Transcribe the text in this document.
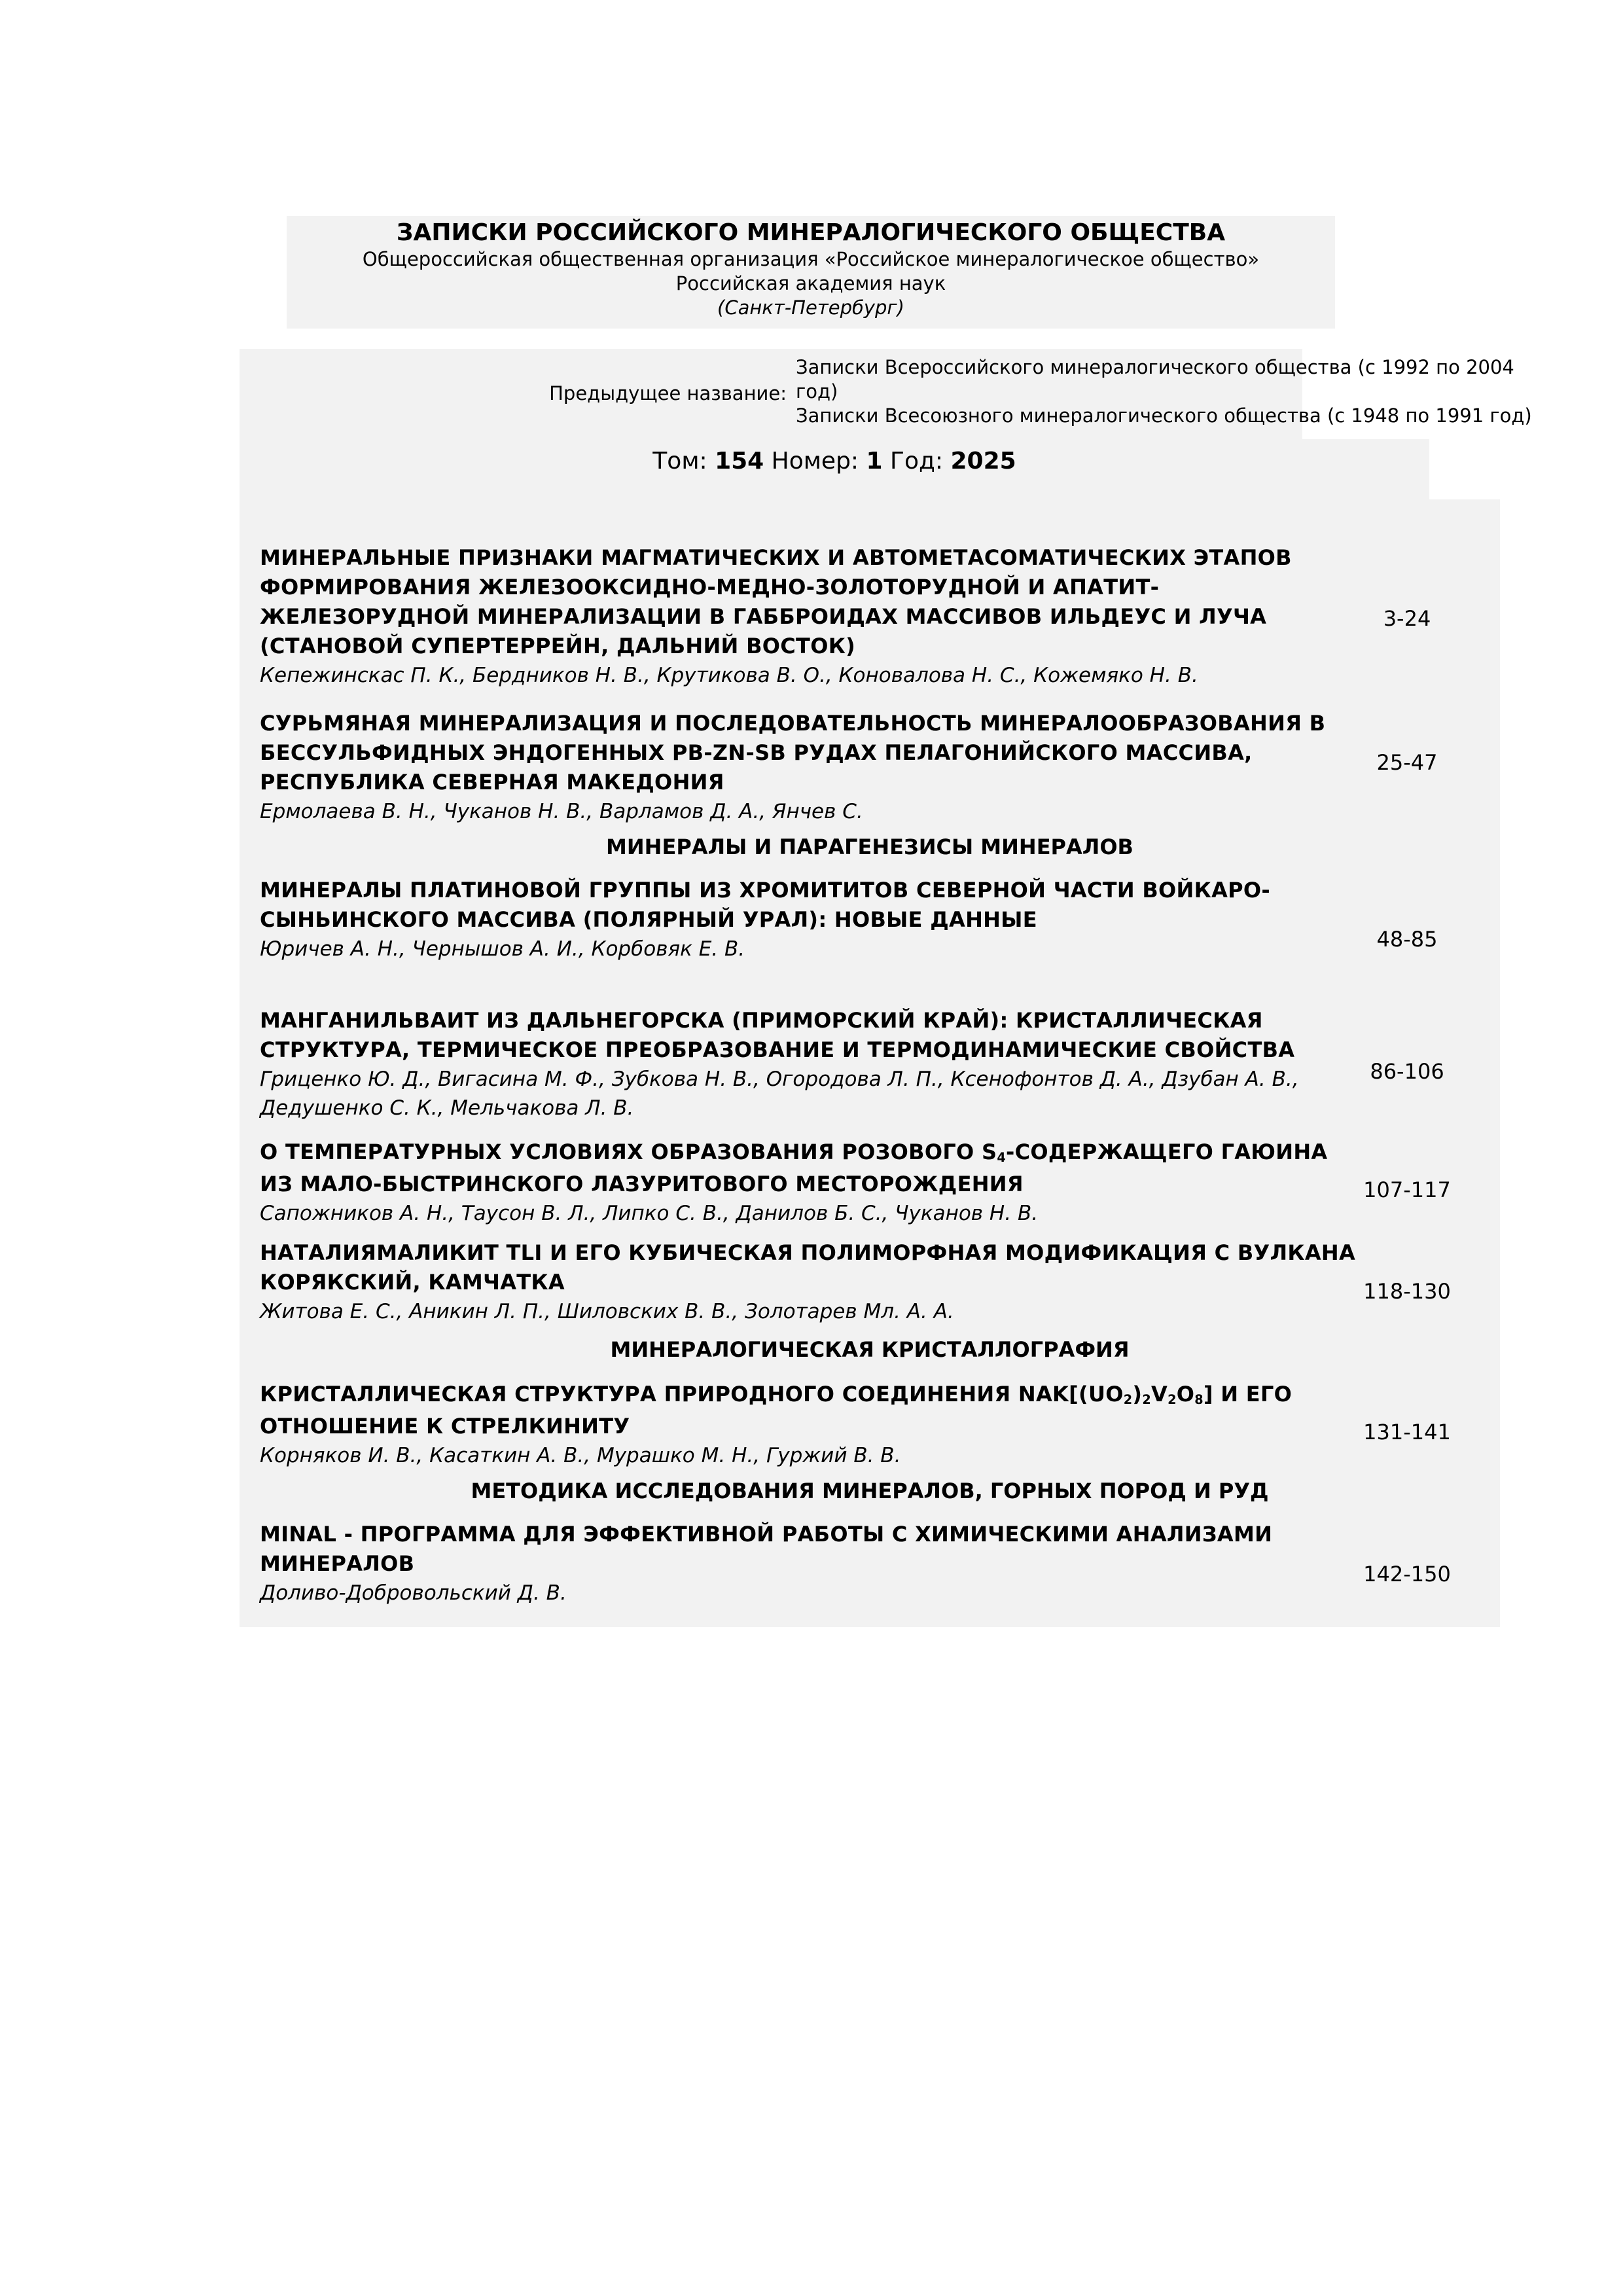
ЗАПИСКИ РОССИЙСКОГО МИНЕРАЛОГИЧЕСКОГО ОБЩЕСТВА
Общероссийская общественная организация «Российское минералогическое общество»
Российская академия наук
(Санкт-Петербург)
Предыдущее название:
Записки Всероссийского минералогического общества (с 1992 по 2004 год)
Записки Всесоюзного минералогического общества (с 1948 по 1991 год)
Том: 154 Номер: 1 Год: 2025
МИНЕРАЛЬНЫЕ ПРИЗНАКИ МАГМАТИЧЕСКИХ И АВТОМЕТАСОМАТИЧЕСКИХ ЭТАПОВ ФОРМИРОВАНИЯ ЖЕЛЕЗООКСИДНО-МЕДНО-ЗОЛОТОРУДНОЙ И АПАТИТ-ЖЕЛЕЗОРУДНОЙ МИНЕРАЛИЗАЦИИ В ГАББРОИДАХ МАССИВОВ ИЛЬДЕУС И ЛУЧА (СТАНОВОЙ СУПЕРТЕРРЕЙН, ДАЛЬНИЙ ВОСТОК)
Кепежинскас П. К., Бердников Н. В., Крутикова В. О., Коновалова Н. С., Кожемяко Н. В.
3-24
СУРЬМЯНАЯ МИНЕРАЛИЗАЦИЯ И ПОСЛЕДОВАТЕЛЬНОСТЬ МИНЕРАЛООБРАЗОВАНИЯ В БЕССУЛЬФИДНЫХ ЭНДОГЕННЫХ PB-ZN-SB РУДАХ ПЕЛАГОНИЙСКОГО МАССИВА, РЕСПУБЛИКА СЕВЕРНАЯ МАКЕДОНИЯ
Ермолаева В. Н., Чуканов Н. В., Варламов Д. А., Янчев С.
25-47
МИНЕРАЛЫ И ПАРАГЕНЕЗИСЫ МИНЕРАЛОВ
МИНЕРАЛЫ ПЛАТИНОВОЙ ГРУППЫ ИЗ ХРОМИТИТОВ СЕВЕРНОЙ ЧАСТИ ВОЙКАРО-СЫНЬИНСКОГО МАССИВА (ПОЛЯРНЫЙ УРАЛ): НОВЫЕ ДАННЫЕ
Юричев А. Н., Чернышов А. И., Корбовяк Е. В.	48-85
МАНГАНИЛЬВАИТ ИЗ ДАЛЬНЕГОРСКА (ПРИМОРСКИЙ КРАЙ): КРИСТАЛЛИЧЕСКАЯ СТРУКТУРА, ТЕРМИЧЕСКОЕ ПРЕОБРАЗОВАНИЕ И ТЕРМОДИНАМИЧЕСКИЕ СВОЙСТВА
Гриценко Ю. Д., Вигасина М. Ф., Зубкова Н. В., Огородова Л. П., Ксенофонтов Д. А., Дзубан А. В., Дедушенко С. К., Мельчакова Л. В.
86-106
О ТЕМПЕРАТУРНЫХ УСЛОВИЯХ ОБРАЗОВАНИЯ РОЗОВОГО $S_4$-СОДЕРЖАЩЕГО ГАЮИНА ИЗ МАЛО-БЫСТРИНСКОГО ЛАЗУРИТОВОГО МЕСТОРОЖДЕНИЯ
Сапожников А. Н., Таусон В. Л., Липко С. В., Данилов Б. С., Чуканов Н. В.
107-117
НАТАЛИЯМАЛИКИТ TLI И ЕГО КУБИЧЕСКАЯ ПОЛИМОРФНАЯ МОДИФИКАЦИЯ С ВУЛКАНА КОРЯКСКИЙ, КАМЧАТКА
Житова Е. С., Аникин Л. П., Шиловских В. В., Золотарев Мл. А. А.
118-130
МИНЕРАЛОГИЧЕСКАЯ КРИСТАЛЛОГРАФИЯ
КРИСТАЛЛИЧЕСКАЯ СТРУКТУРА ПРИРОДНОГО СОЕДИНЕНИЯ $NAK[(UO_2)_2V_2O_8]$ И ЕГО ОТНОШЕНИЕ К СТРЕЛКИНИТУ
Корняков И. В., Касаткин А. В., Мурашко М. Н., Гуржий В. В.
131-141
МЕТОДИКА ИССЛЕДОВАНИЯ МИНЕРАЛОВ, ГОРНЫХ ПОРОД И РУД
MINAL - ПРОГРАММА ДЛЯ ЭФФЕКТИВНОЙ РАБОТЫ С ХИМИЧЕСКИМИ АНАЛИЗАМИ МИНЕРАЛОВ
Доливо-Добровольский Д. В.
142-150
